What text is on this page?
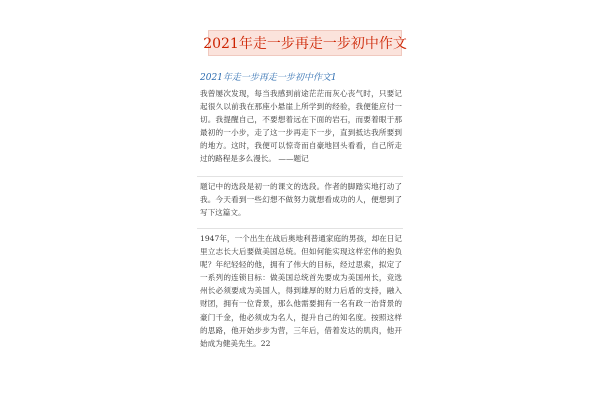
2021年走一步再走一步初中作文
2021年走一步再走一步初中作文1

我曾屡次发现，每当我感到前途茫茫而灰心丧气时，只要记起很久以前我在那座小悬崖上所学到的经验，我便能应付一切。我提醒自己，不要想着远在下面的岩石，而要着眼于那最初的一小步，走了这一步再走下一步，直到抵达我所要到的地方。这时，我便可以惊奇而自豪地回头看看，自己所走过的路程是多么漫长。 ——题记

题记中的选段是初一的课文的选段。作者的脚踏实地打动了我。今天看到一些幻想不做努力就想看成功的人，便想到了写下这篇文。

1947年，一个出生在战后奥地利普通家庭的男孩，却在日记里立志长大后要做美国总统。但如何能实现这样宏伟的抱负呢？年纪轻轻的他，拥有了伟大的目标，经过思索，拟定了一系列的连锁目标：做美国总统首先要成为美国州长，竞选州长必须要成为美国人，得到雄厚的财力后盾的支持，融入财团，拥有一位背景，那么他需要拥有一名有政一治背景的豪门千金，他必须成为名人，提升自己的知名度。按照这样的思路，他开始步步为营，三年后，借着发达的肌肉，他开始成为健美先生。22
